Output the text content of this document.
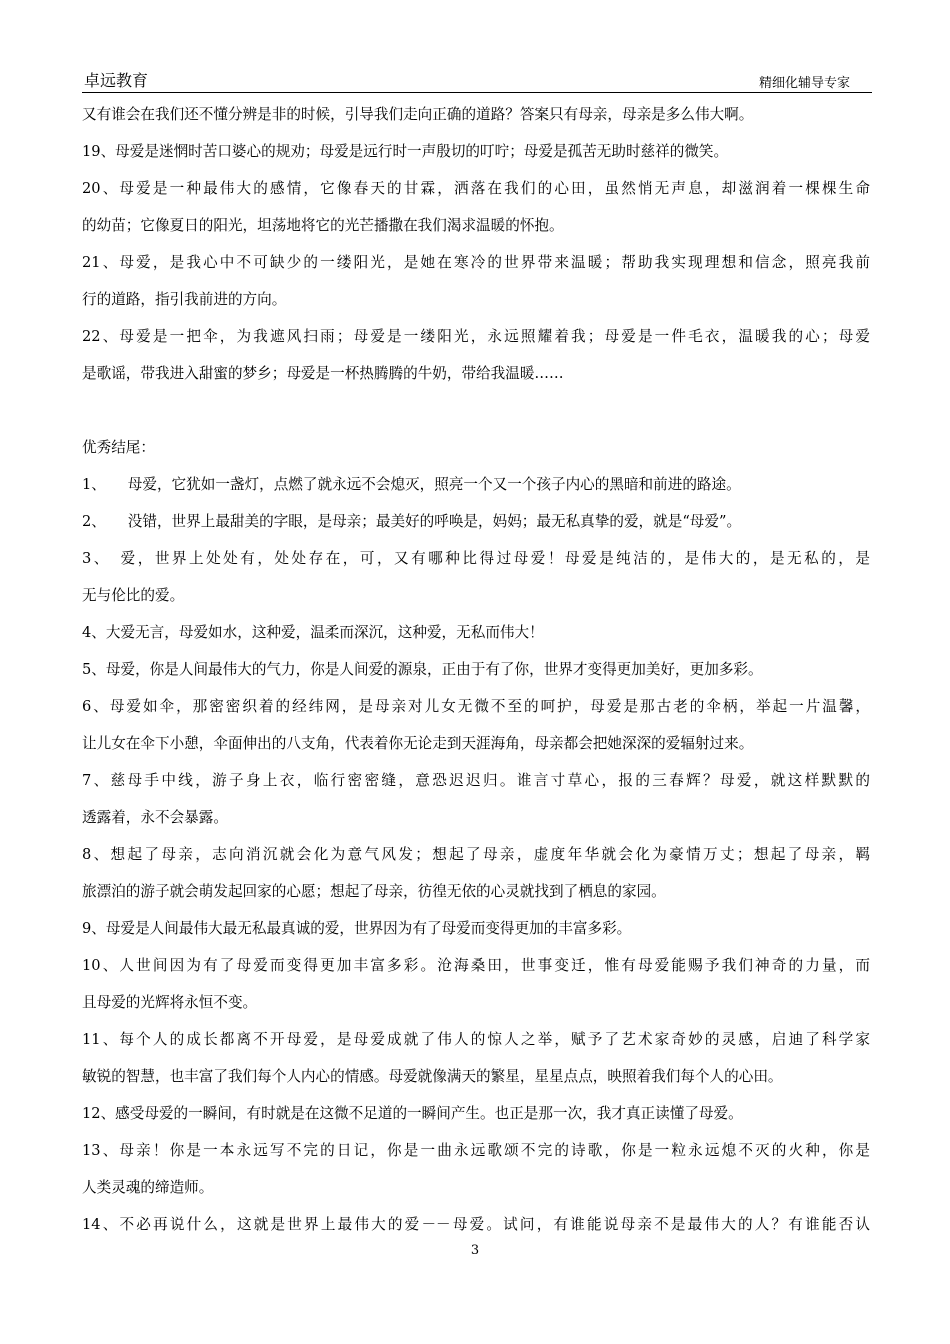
卓远教育	精细化辅导专家
又有谁会在我们还不懂分辨是非的时候，引导我们走向正确的道路？答案只有母亲，母亲是多么伟大啊。
19、母爱是迷惘时苦口婆心的规劝；母爱是远行时一声殷切的叮咛；母爱是孤苦无助时慈祥的微笑。
20、母爱是一种最伟大的感情，它像春天的甘霖，洒落在我们的心田，虽然悄无声息，却滋润着一棵棵生命
的幼苗；它像夏日的阳光，坦荡地将它的光芒播撒在我们渴求温暖的怀抱。
21、母爱，是我心中不可缺少的一缕阳光，是她在寒冷的世界带来温暖；帮助我实现理想和信念，照亮我前
行的道路，指引我前进的方向。
22、母爱是一把伞，为我遮风扫雨；母爱是一缕阳光，永远照耀着我；母爱是一件毛衣，温暖我的心；母爱
是歌谣，带我进入甜蜜的梦乡；母爱是一杯热腾腾的牛奶，带给我温暖……
优秀结尾：
1、　　母爱，它犹如一盏灯，点燃了就永远不会熄灭，照亮一个又一个孩子内心的黑暗和前进的路途。
2、　　没错，世界上最甜美的字眼，是母亲；最美好的呼唤是，妈妈；最无私真挚的爱，就是“母爱”。
3、　爱，世界上处处有，处处存在，可，又有哪种比得过母爱！母爱是纯洁的，是伟大的，是无私的，是
无与伦比的爱。
4、大爱无言，母爱如水，这种爱，温柔而深沉，这种爱，无私而伟大！
5、母爱，你是人间最伟大的气力，你是人间爱的源泉，正由于有了你，世界才变得更加美好，更加多彩。
6、母爱如伞，那密密织着的经纬网，是母亲对儿女无微不至的呵护，母爱是那古老的伞柄，举起一片温馨，
让儿女在伞下小憩，伞面伸出的八支角，代表着你无论走到天涯海角，母亲都会把她深深的爱辐射过来。
7、慈母手中线，游子身上衣，临行密密缝，意恐迟迟归。谁言寸草心，报的三春辉？母爱，就这样默默的
透露着，永不会暴露。
8、想起了母亲，志向消沉就会化为意气风发；想起了母亲，虚度年华就会化为豪情万丈；想起了母亲，羁
旅漂泊的游子就会萌发起回家的心愿；想起了母亲，彷徨无依的心灵就找到了栖息的家园。
9、母爱是人间最伟大最无私最真诚的爱，世界因为有了母爱而变得更加的丰富多彩。
10、人世间因为有了母爱而变得更加丰富多彩。沧海桑田，世事变迁，惟有母爱能赐予我们神奇的力量，而
且母爱的光辉将永恒不变。
11、每个人的成长都离不开母爱，是母爱成就了伟人的惊人之举，赋予了艺术家奇妙的灵感，启迪了科学家
敏锐的智慧，也丰富了我们每个人内心的情感。母爱就像满天的繁星，星星点点，映照着我们每个人的心田。
12、感受母爱的一瞬间，有时就是在这微不足道的一瞬间产生。也正是那一次，我才真正读懂了母爱。
13、母亲！你是一本永远写不完的日记，你是一曲永远歌颂不完的诗歌，你是一粒永远熄不灭的火种，你是
人类灵魂的缔造师。
14、不必再说什么，这就是世界上最伟大的爱－－母爱。试问，有谁能说母亲不是最伟大的人？有谁能否认
3
